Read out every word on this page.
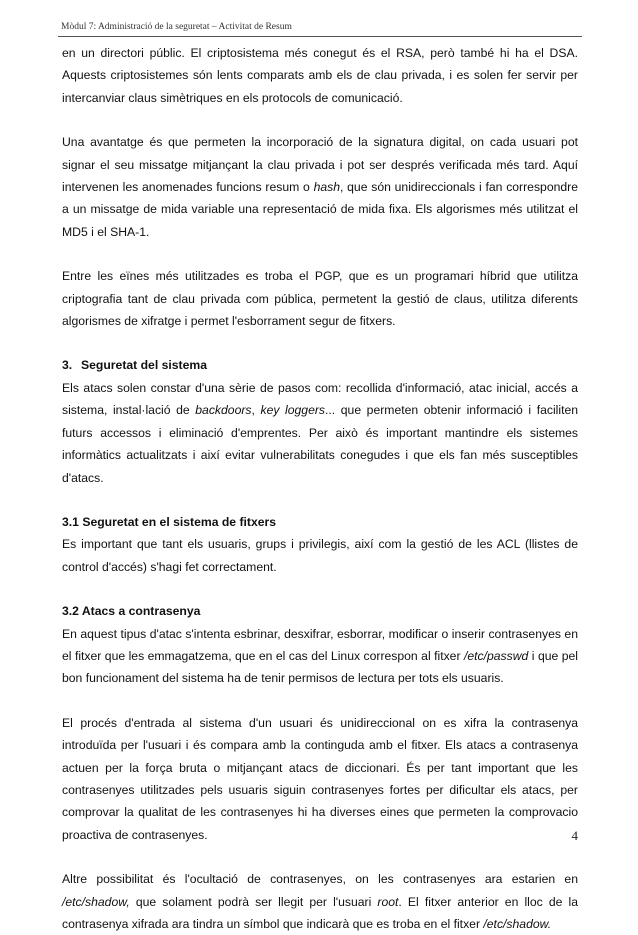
Mòdul 7: Administració de la seguretat – Activitat de Resum

en un directori públic. El criptosistema més conegut és el RSA, però també hi ha el DSA. Aquests criptosistemes són lents comparats amb els de clau privada, i es solen fer servir per intercanviar claus simètriques en els protocols de comunicació.

Una avantatge és que permeten la incorporació de la signatura digital, on cada usuari pot signar el seu missatge mitjançant la clau privada i pot ser després verificada més tard. Aquí intervenen les anomenades funcions resum o hash, que són unidireccionals i fan correspondre a un missatge de mida variable una representació de mida fixa. Els algorismes més utilitzat el MD5 i el SHA-1.

Entre les eïnes més utilitzades es troba el PGP, que es un programari híbrid que utilitza criptografia tant de clau privada com pública, permetent la gestió de claus, utilitza diferents algorismes de xifratge i permet l'esborrament segur de fitxers.

3. Seguretat del sistema

Els atacs solen constar d'una sèrie de pasos com: recollida d'informació, atac inicial, accés a sistema, instal·lació de backdoors, key loggers... que permeten obtenir informació i faciliten futurs accessos i eliminació d'emprentes. Per això és important mantindre els sistemes informàtics actualitzats i així evitar vulnerabilitats conegudes i que els fan més susceptibles d'atacs.

3.1 Seguretat en el sistema de fitxers

Es important que tant els usuaris, grups i privilegis, així com la gestió de les ACL (llistes de control d'accés) s'hagi fet correctament.

3.2 Atacs a contrasenya

En aquest tipus d'atac s'intenta esbrinar, desxifrar, esborrar, modificar o inserir contrasenyes en el fitxer que les emmagatzema, que en el cas del Linux correspon al fitxer /etc/passwd i que pel bon funcionament del sistema ha de tenir permisos de lectura per tots els usuaris.

El procés d'entrada al sistema d'un usuari és unidireccional on es xifra la contrasenya introduïda per l'usuari i és compara amb la continguda amb el fitxer. Els atacs a contrasenya actuen per la força bruta o mitjançant atacs de diccionari. És per tant important que les contrasenyes utilitzades pels usuaris siguin contrasenyes fortes per dificultar els atacs, per comprovar la qualitat de les contrasenyes hi ha diverses eines que permeten la comprovacio proactiva de contrasenyes.

Altre possibilitat és l'ocultació de contrasenyes, on les contrasenyes ara estarien en /etc/shadow, que solament podrà ser llegit per l'usuari root. El fitxer anterior en lloc de la contrasenya xifrada ara tindra un símbol que indicarà que es troba en el fitxer /etc/shadow.

4
